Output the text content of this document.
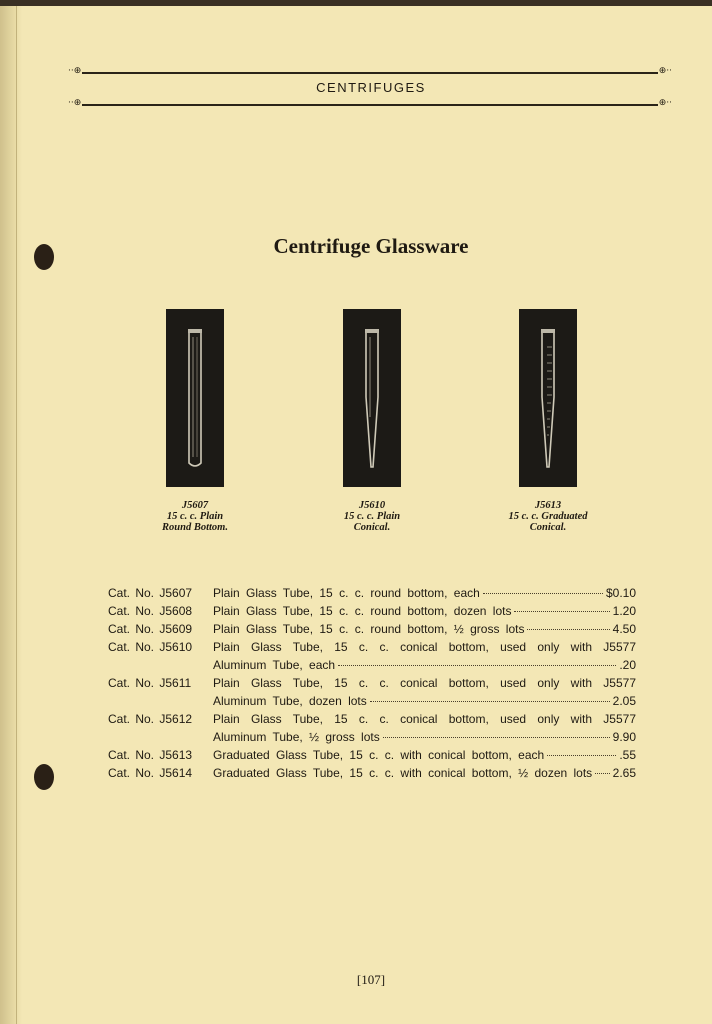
··⊕	⊕··
CENTRIFUGES
··⊕	⊕··
Centrifuge Glassware
J5607
15 c. c. Plain
Round Bottom.
J5610
15 c. c. Plain
Conical.
J5613
15 c. c. Graduated
Conical.
Cat. No. J5607	Plain Glass Tube, 15 c. c. round bottom, each	$0.10
Cat. No. J5608	Plain Glass Tube, 15 c. c. round bottom, dozen lots	1.20
Cat. No. J5609	Plain Glass Tube, 15 c. c. round bottom, ½ gross lots	4.50
Cat. No. J5610	Plain Glass Tube, 15 c. c. conical bottom, used only with J5577
Aluminum Tube, each	.20
Cat. No. J5611	Plain Glass Tube, 15 c. c. conical bottom, used only with J5577
Aluminum Tube, dozen lots	2.05
Cat. No. J5612	Plain Glass Tube, 15 c. c. conical bottom, used only with J5577
Aluminum Tube, ½ gross lots	9.90
Cat. No. J5613	Graduated Glass Tube, 15 c. c. with conical bottom, each	.55
Cat. No. J5614	Graduated Glass Tube, 15 c. c. with conical bottom, ½ dozen lots 2.65
[107]
